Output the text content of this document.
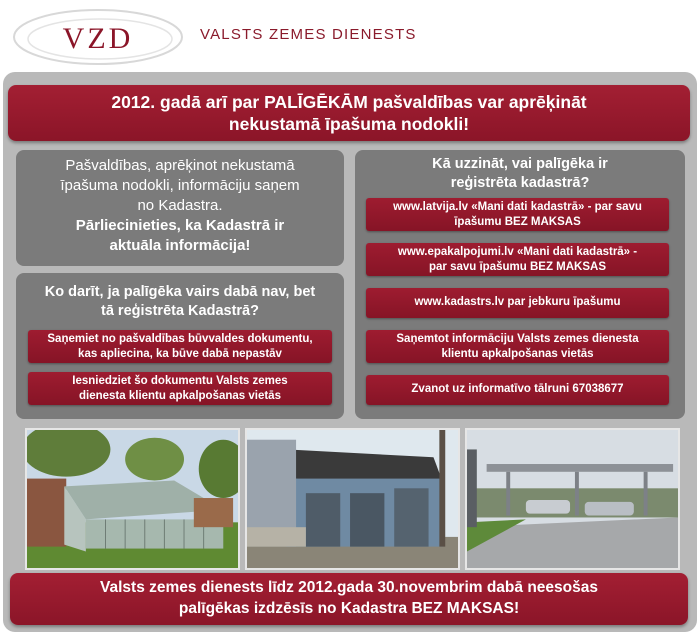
VZD	VALSTS ZEMES DIENESTS
2012. gadā arī par PALĪGĒKĀM pašvaldības var aprēķināt
nekustamā īpašuma nodokli!
Pašvaldības, aprēķinot nekustamā
īpašuma nodokli, informāciju saņem
no Kadastra.
Pārliecinieties, ka Kadastrā ir
aktuāla informācija!
Ko darīt, ja palīgēka vairs dabā nav, bet
tā reģistrēta Kadastrā?
Saņemiet no pašvaldības būvvaldes dokumentu,
kas apliecina, ka būve dabā nepastāv
Iesniedziet šo dokumentu Valsts zemes
dienesta klientu apkalpošanas vietās
Kā uzzināt, vai palīgēka ir
reģistrēta kadastrā?
www.latvija.lv «Mani dati kadastrā» - par savu
īpašumu BEZ MAKSAS
www.epakalpojumi.lv «Mani dati kadastrā» -
par savu īpašumu BEZ MAKSAS
www.kadastrs.lv par jebkuru īpašumu
Saņemtot informāciju Valsts zemes dienesta
klientu apkalpošanas vietās
Zvanot uz informatīvo tālruni 67038677
Valsts zemes dienests līdz 2012.gada 30.novembrim dabā neesošas
palīgēkas izdzēsīs no Kadastra BEZ MAKSAS!
